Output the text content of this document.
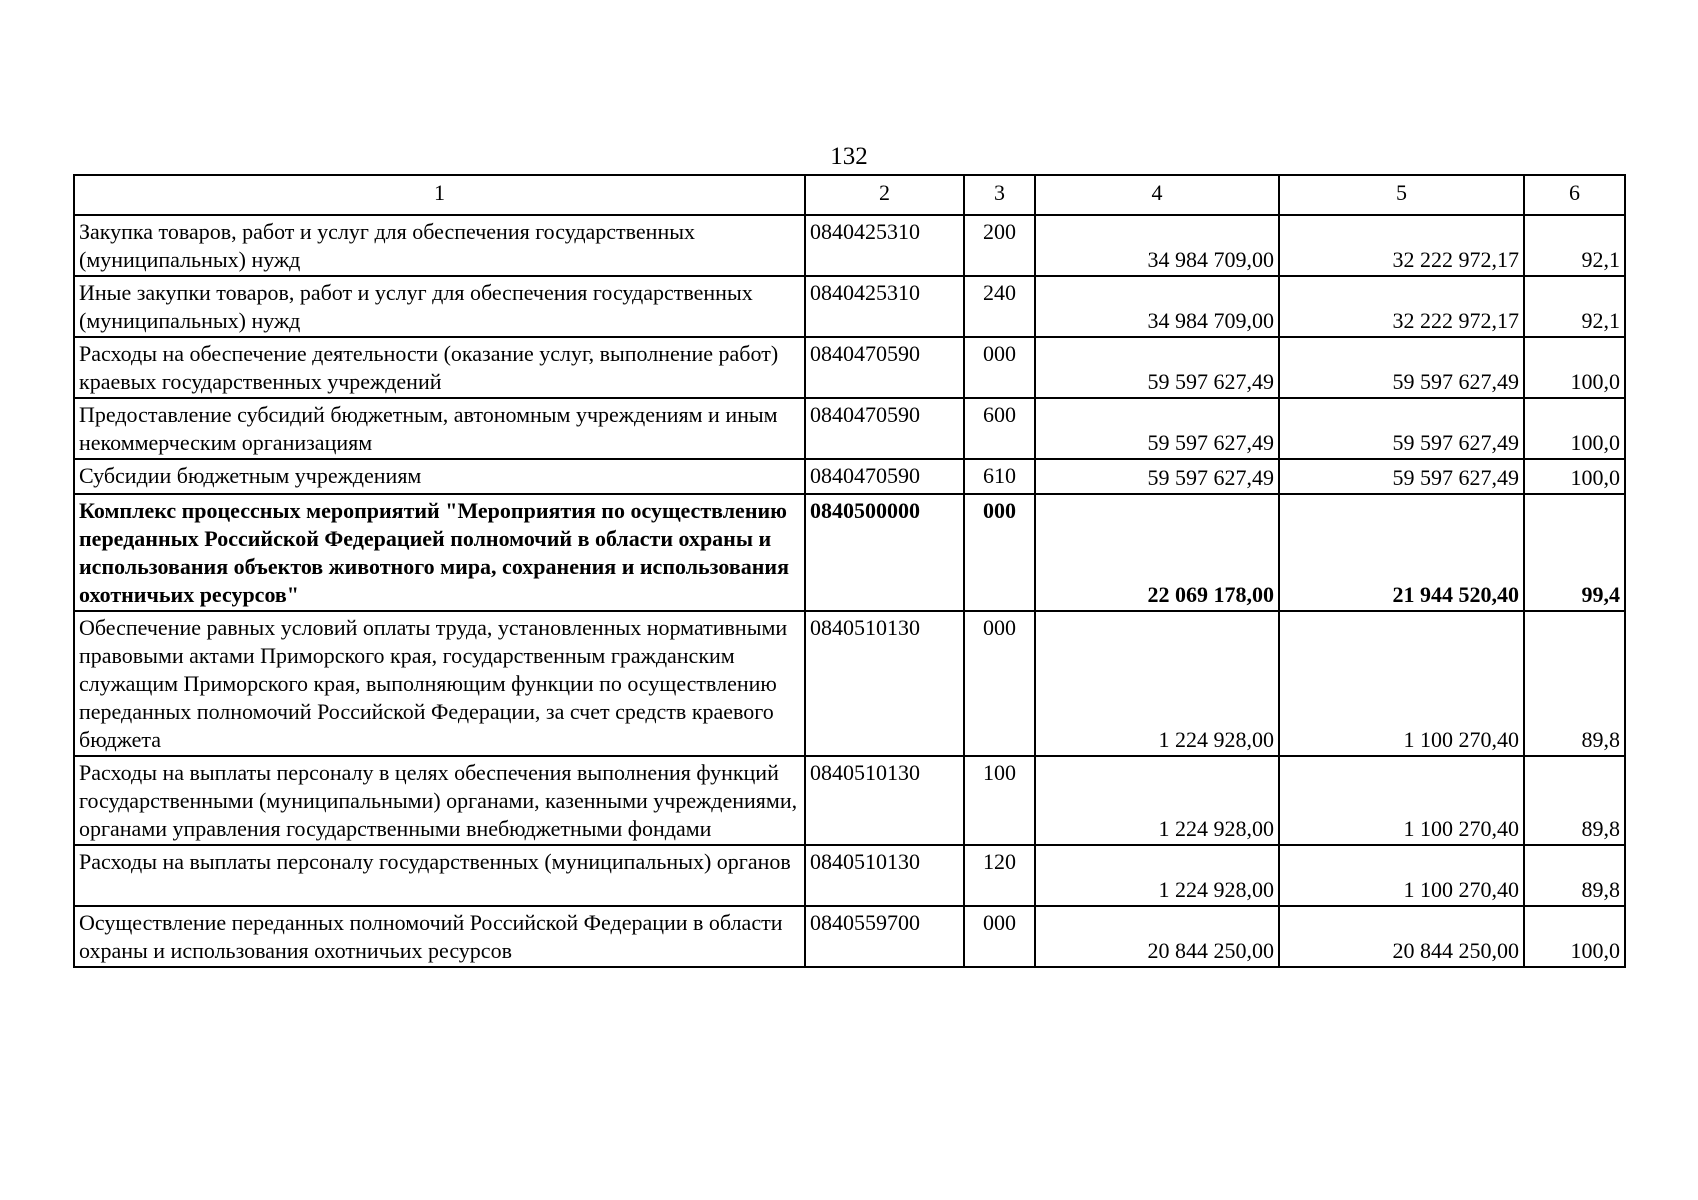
132
1	2	3	4	5	6
Закупка товаров, работ и услуг для обеспечения государственных (муниципальных) нужд	0840425310	200	34 984 709,00	32 222 972,17	92,1
Иные закупки товаров, работ и услуг для обеспечения государственных (муниципальных) нужд	0840425310	240	34 984 709,00	32 222 972,17	92,1
Расходы на обеспечение деятельности (оказание услуг, выполнение работ) краевых государственных учреждений	0840470590	000	59 597 627,49	59 597 627,49	100,0
Предоставление субсидий бюджетным, автономным учреждениям и иным некоммерческим организациям	0840470590	600	59 597 627,49	59 597 627,49	100,0
Субсидии бюджетным учреждениям	0840470590	610	59 597 627,49	59 597 627,49	100,0
Комплекс процессных мероприятий "Мероприятия по осуществлению переданных Российской Федерацией полномочий в области охраны и использования объектов животного мира, сохранения и использования охотничьих ресурсов"	0840500000	000	22 069 178,00	21 944 520,40	99,4
Обеспечение равных условий оплаты труда, установленных нормативными правовыми актами Приморского края, государственным гражданским служащим Приморского края, выполняющим функции по осуществлению переданных полномочий Российской Федерации, за счет средств краевого бюджета	0840510130	000	1 224 928,00	1 100 270,40	89,8
Расходы на выплаты персоналу в целях обеспечения выполнения функций государственными (муниципальными) органами, казенными учреждениями, органами управления государственными внебюджетными фондами	0840510130	100	1 224 928,00	1 100 270,40	89,8
Расходы на выплаты персоналу государственных (муниципальных) органов	0840510130	120	1 224 928,00	1 100 270,40	89,8
Осуществление переданных полномочий Российской Федерации в области охраны и использования охотничьих ресурсов	0840559700	000	20 844 250,00	20 844 250,00	100,0
